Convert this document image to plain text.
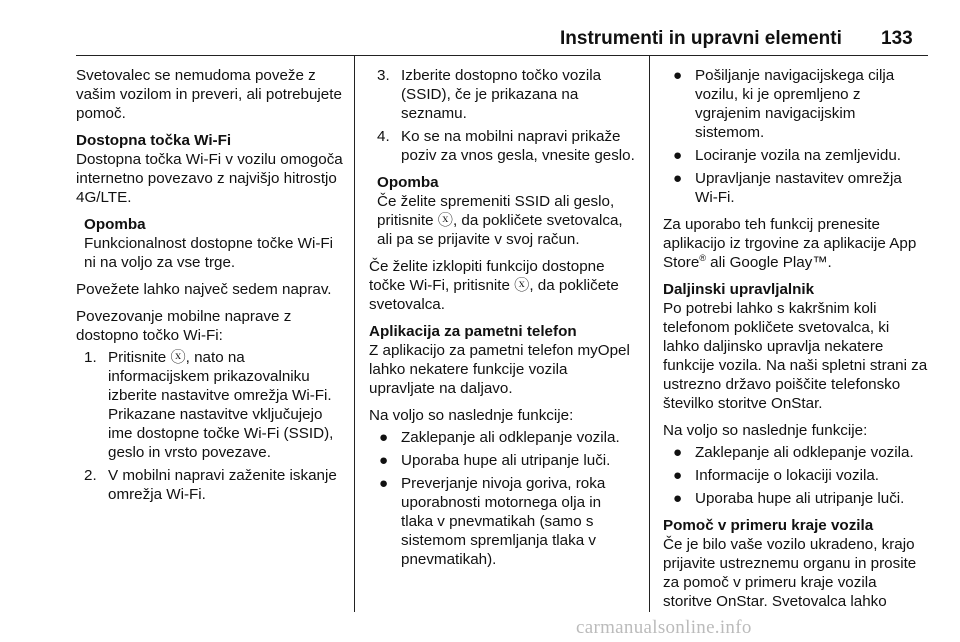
Instrumenti in upravni elementi 133

Svetovalec se nemudoma poveže z vašim vozilom in preveri, ali potrebujete pomoč.

Dostopna točka Wi-Fi

Dostopna točka Wi-Fi v vozilu omogoča internetno povezavo z najvišjo hitrostjo 4G/LTE.

Opomba
Funkcionalnost dostopne točke Wi-Fi ni na voljo za vse trge.

Povežete lahko največ sedem naprav.

Povezovanje mobilne naprave z dostopno točko Wi-Fi:

1. Pritisnite ⓧ, nato na informacijskem prikazovalniku izberite nastavitve omrežja Wi-Fi. Prikazane nastavitve vključujejo ime dostopne točke Wi-Fi (SSID), geslo in vrsto povezave.
2. V mobilni napravi zaženite iskanje omrežja Wi-Fi.
3. Izberite dostopno točko vozila (SSID), če je prikazana na seznamu.
4. Ko se na mobilni napravi prikaže poziv za vnos gesla, vnesite geslo.
Opomba
Če želite spremeniti SSID ali geslo, pritisnite ⓧ, da pokličete svetovalca, ali pa se prijavite v svoj račun.

Če želite izklopiti funkcijo dostopne točke Wi-Fi, pritisnite ⓧ, da pokličete svetovalca.

Aplikacija za pametni telefon

Z aplikacijo za pametni telefon myOpel lahko nekatere funkcije vozila upravljate na daljavo.

Na voljo so naslednje funkcije:

● Zaklepanje ali odklepanje vozila.
● Uporaba hupe ali utripanje luči.
● Preverjanje nivoja goriva, roka uporabnosti motornega olja in tlaka v pnevmatikah (samo s sistemom spremljanja tlaka v pnevmatikah).
● Pošiljanje navigacijskega cilja vozilu, ki je opremljeno z vgrajenim navigacijskim sistemom.
● Lociranje vozila na zemljevidu.
● Upravljanje nastavitev omrežja Wi-Fi.

Za uporabo teh funkcij prenesite aplikacijo iz trgovine za aplikacije App Store® ali Google Play™.

Daljinski upravljalnik

Po potrebi lahko s kakršnim koli telefonom pokličete svetovalca, ki lahko daljinsko upravlja nekatere funkcije vozila. Na naši spletni strani za ustrezno državo poiščite telefonsko številko storitve OnStar.

Na voljo so naslednje funkcije:

● Zaklepanje ali odklepanje vozila.
● Informacije o lokaciji vozila.
● Uporaba hupe ali utripanje luči.

Pomoč v primeru kraje vozila

Če je bilo vaše vozilo ukradeno, krajo prijavite ustreznemu organu in prosite za pomoč v primeru kraje vozila storitve OnStar. Svetovalca lahko

carmanualsonline.info
